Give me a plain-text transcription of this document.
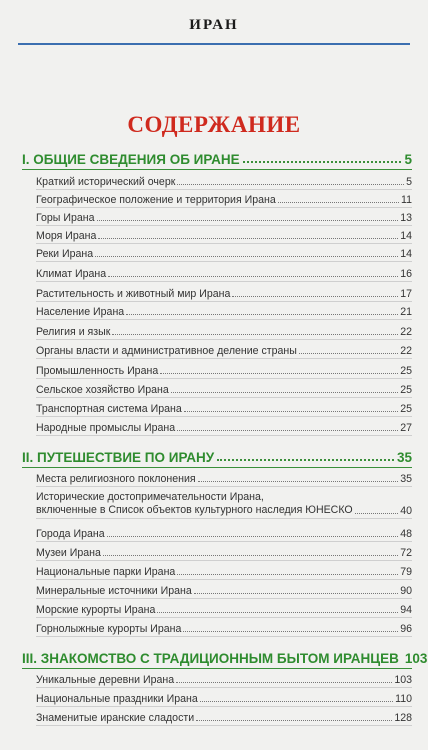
ИРАН
СОДЕРЖАНИЕ
I. ОБЩИЕ СВЕДЕНИЯ ОБ ИРАНЕ	5
Краткий исторический очерк	5
Географическое положение и территория Ирана	11
Горы Ирана	13
Моря Ирана	14
Реки Ирана	14
Климат Ирана	16
Растительность и животный мир Ирана	17
Население Ирана	21
Религия и язык	22
Органы власти и административное деление страны	22
Промышленность Ирана	25
Сельское хозяйство Ирана	25
Транспортная система Ирана	25
Народные промыслы Ирана	27
II. ПУТЕШЕСТВИЕ ПО ИРАНУ	35
Места религиозного поклонения	35
Исторические достопримечательности Ирана,
включенные в Список объектов культурного наследия ЮНЕСКО	40
Города Ирана	48
Музеи Ирана	72
Национальные парки Ирана	79
Минеральные источники Ирана	90
Морские курорты Ирана	94
Горнолыжные курорты Ирана	96
III. ЗНАКОМСТВО С ТРАДИЦИОННЫМ БЫТОМ ИРАНЦЕВ 103
Уникальные деревни Ирана	103
Национальные праздники Ирана	110
Знаменитые иранские сладости	128
